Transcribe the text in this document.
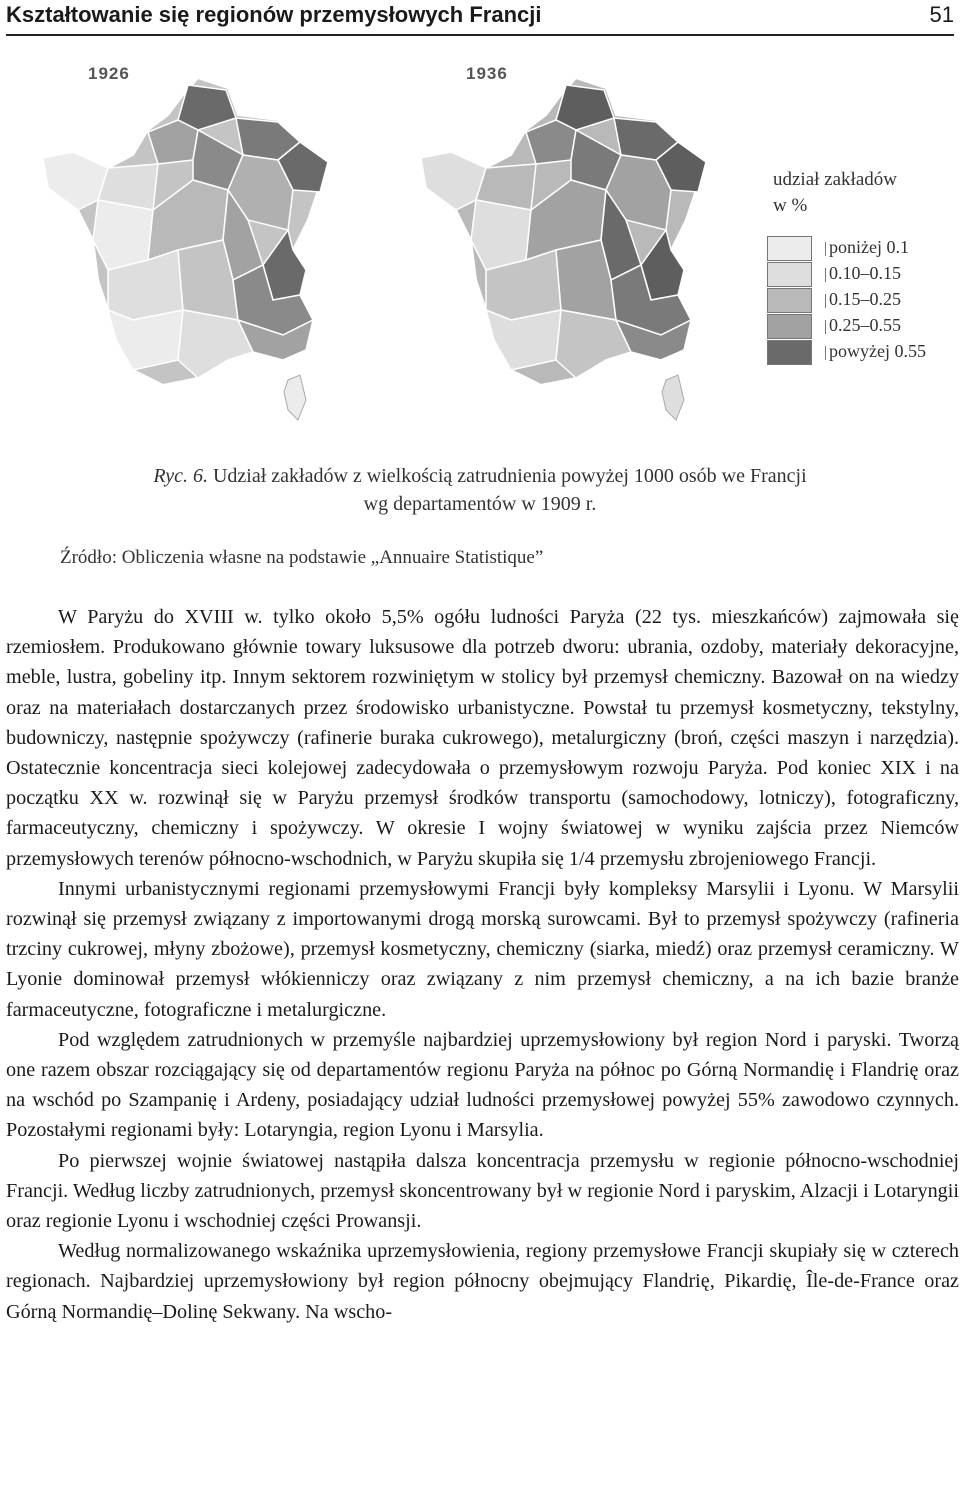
Kształtowanie się regionów przemysłowych Francji	51
1926	1936
udział zakładów
w %
poniżej 0.1
0.10–0.15
0.15–0.25
0.25–0.55
powyżej 0.55
Ryc. 6. Udział zakładów z wielkością zatrudnienia powyżej 1000 osób we Francji
wg departamentów w 1909 r.
Źródło: Obliczenia własne na podstawie „Annuaire Statistique”

W Paryżu do XVIII w. tylko około 5,5% ogółu ludności Paryża (22 tys. mieszkańców) zajmowała się rzemiosłem. Produkowano głównie towary luksusowe dla potrzeb dworu: ubrania, ozdoby, materiały dekoracyjne, meble, lustra, gobeliny itp. Innym sektorem rozwiniętym w stolicy był przemysł chemiczny. Bazował on na wiedzy oraz na materiałach dostarczanych przez środowisko urbanistyczne. Powstał tu przemysł kosmetyczny, tekstylny, budowniczy, następnie spożywczy (rafinerie buraka cukrowego), metalurgiczny (broń, części maszyn i narzędzia). Ostatecznie koncentracja sieci kolejowej zadecydowała o przemysłowym rozwoju Paryża. Pod koniec XIX i na początku XX w. rozwinął się w Paryżu przemysł środków transportu (samochodowy, lotniczy), fotograficzny, farmaceutyczny, chemiczny i spożywczy. W okresie I wojny światowej w wyniku zajścia przez Niemców przemysłowych terenów północno-wschodnich, w Paryżu skupiła się 1/4 przemysłu zbrojeniowego Francji.

Innymi urbanistycznymi regionami przemysłowymi Francji były kompleksy Marsylii i Lyonu. W Marsylii rozwinął się przemysł związany z importowanymi drogą morską surowcami. Był to przemysł spożywczy (rafineria trzciny cukrowej, młyny zbożowe), przemysł kosmetyczny, chemiczny (siarka, miedź) oraz przemysł ceramiczny. W Lyonie dominował przemysł włókienniczy oraz związany z nim przemysł chemiczny, a na ich bazie branże farmaceutyczne, fotograficzne i metalurgiczne.

Pod względem zatrudnionych w przemyśle najbardziej uprzemysłowiony był region Nord i paryski. Tworzą one razem obszar rozciągający się od departamentów regionu Paryża na północ po Górną Normandię i Flandrię oraz na wschód po Szampanię i Ardeny, posiadający udział ludności przemysłowej powyżej 55% zawodowo czynnych. Pozostałymi regionami były: Lotaryngia, region Lyonu i Marsylia.

Po pierwszej wojnie światowej nastąpiła dalsza koncentracja przemysłu w regionie północno-wschodniej Francji. Według liczby zatrudnionych, przemysł skoncentrowany był w regionie Nord i paryskim, Alzacji i Lotaryngii oraz regionie Lyonu i wschodniej części Prowansji.

Według normalizowanego wskaźnika uprzemysłowienia, regiony przemysłowe Francji skupiały się w czterech regionach. Najbardziej uprzemysłowiony był region północny obejmujący Flandrię, Pikardię, Île-de-France oraz Górną Normandię–Dolinę Sekwany. Na wscho-
